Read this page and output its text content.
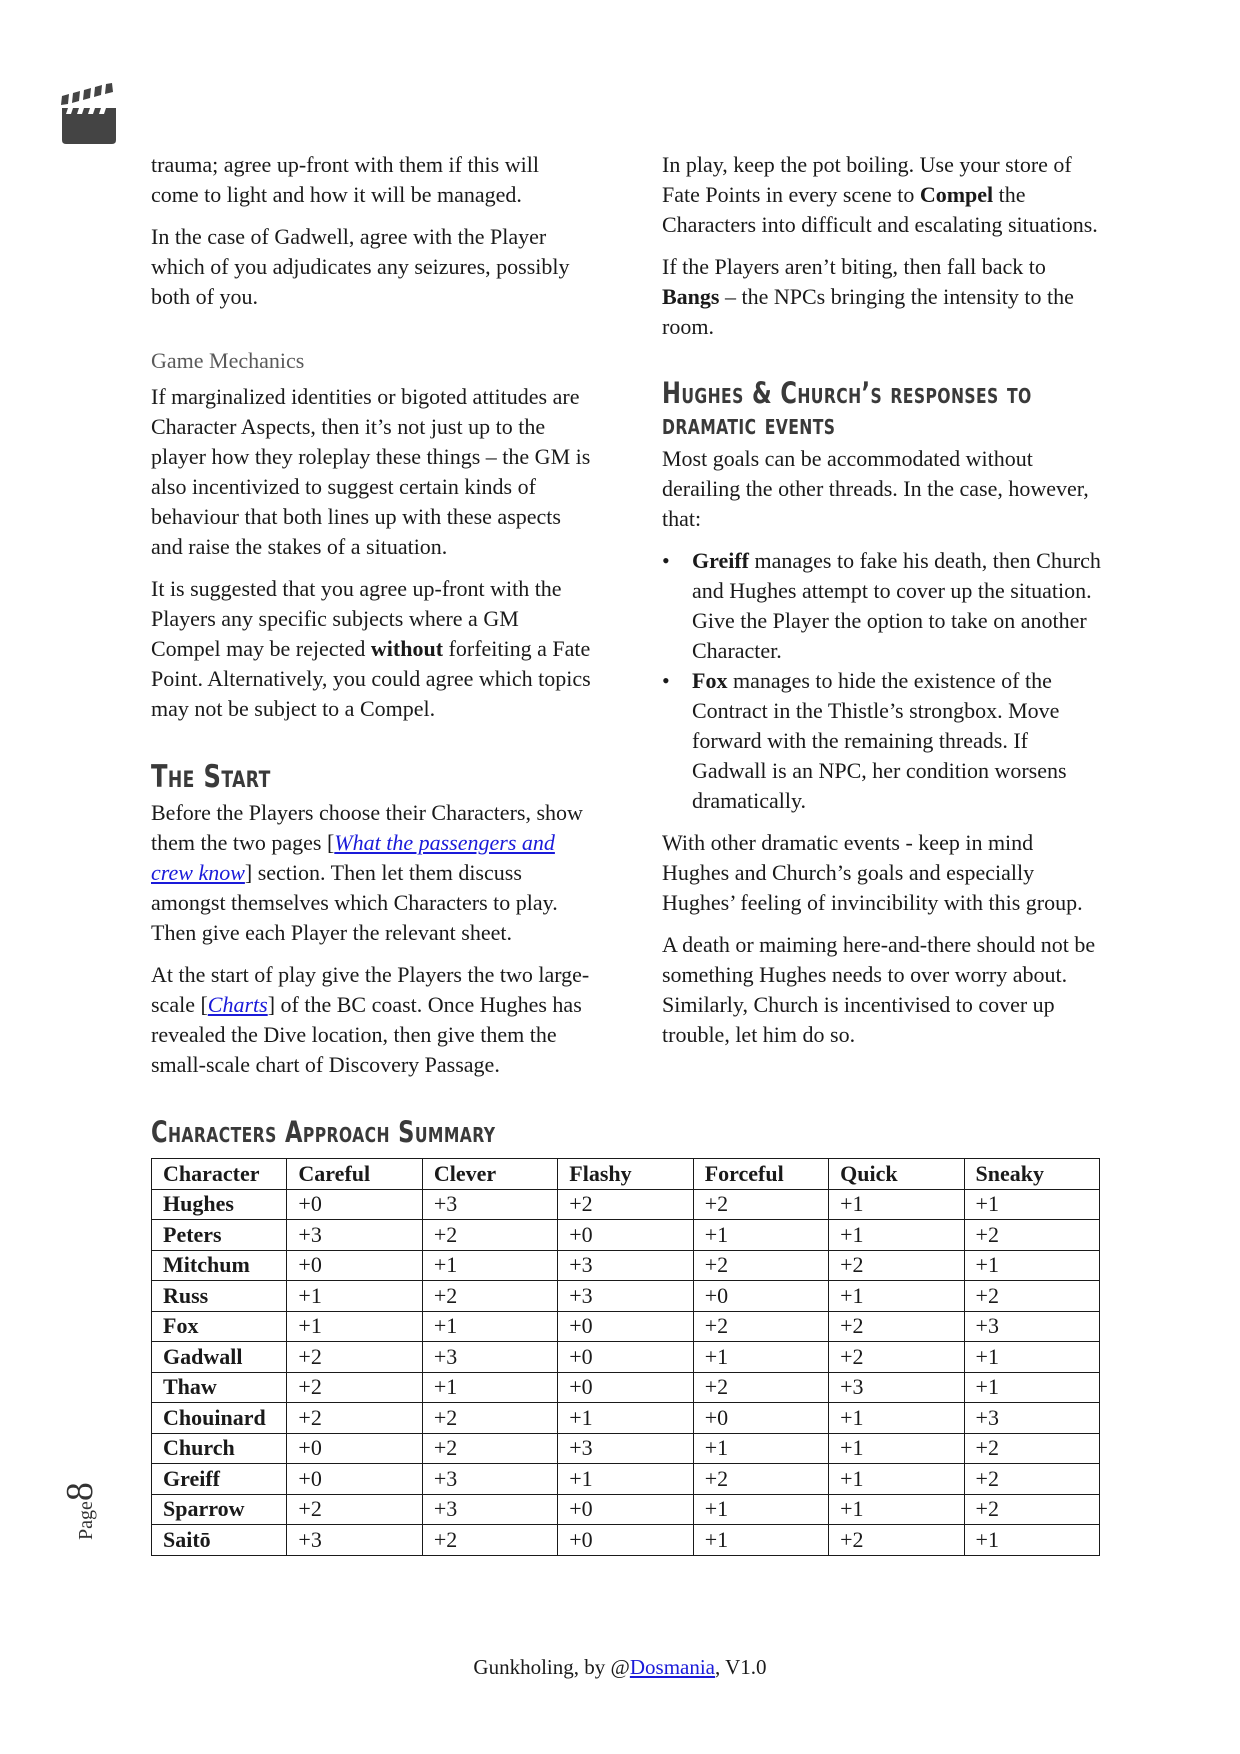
trauma; agree up-front with them if this will come to light and how it will be managed.

In the case of Gadwell, agree with the Player which of you adjudicates any seizures, possibly both of you.

Game Mechanics

If marginalized identities or bigoted attitudes are Character Aspects, then it’s not just up to the player how they roleplay these things – the GM is also incentivized to suggest certain kinds of behaviour that both lines up with these aspects and raise the stakes of a situation.

It is suggested that you agree up-front with the Players any specific subjects where a GM Compel may be rejected without forfeiting a Fate Point. Alternatively, you could agree which topics may not be subject to a Compel.

The Start

Before the Players choose their Characters, show them the two pages [What the passengers and crew know] section. Then let them discuss amongst themselves which Characters to play. Then give each Player the relevant sheet.

At the start of play give the Players the two large-scale [Charts] of the BC coast. Once Hughes has revealed the Dive location, then give them the small-scale chart of Discovery Passage.

In play, keep the pot boiling. Use your store of Fate Points in every scene to Compel the Characters into difficult and escalating situations.

If the Players aren’t biting, then fall back to Bangs – the NPCs bringing the intensity to the room.

Hughes & Church’s responses to dramatic events

Most goals can be accommodated without derailing the other threads. In the case, however, that:

• Greiff manages to fake his death, then Church and Hughes attempt to cover up the situation. Give the Player the option to take on another Character.
• Fox manages to hide the existence of the Contract in the Thistle’s strongbox. Move forward with the remaining threads. If Gadwall is an NPC, her condition worsens dramatically.

With other dramatic events - keep in mind Hughes and Church’s goals and especially Hughes’ feeling of invincibility with this group.

A death or maiming here-and-there should not be something Hughes needs to over worry about. Similarly, Church is incentivised to cover up trouble, let him do so.

Characters Approach Summary
Character	Careful	Clever	Flashy	Forceful	Quick	Sneaky
Hughes	+0	+3	+2	+2	+1	+1
Peters	+3	+2	+0	+1	+1	+2
Mitchum	+0	+1	+3	+2	+2	+1
Russ	+1	+2	+3	+0	+1	+2
Fox	+1	+1	+0	+2	+2	+3
Gadwall	+2	+3	+0	+1	+2	+1
Thaw	+2	+1	+0	+2	+3	+1
Chouinard	+2	+2	+1	+0	+1	+3
Church	+0	+2	+3	+1	+1	+2
Greiff	+0	+3	+1	+2	+1	+2
Sparrow	+2	+3	+0	+1	+1	+2
Saitō	+3	+2	+0	+1	+2	+1
Page8
Gunkholing, by @Dosmania, V1.0
